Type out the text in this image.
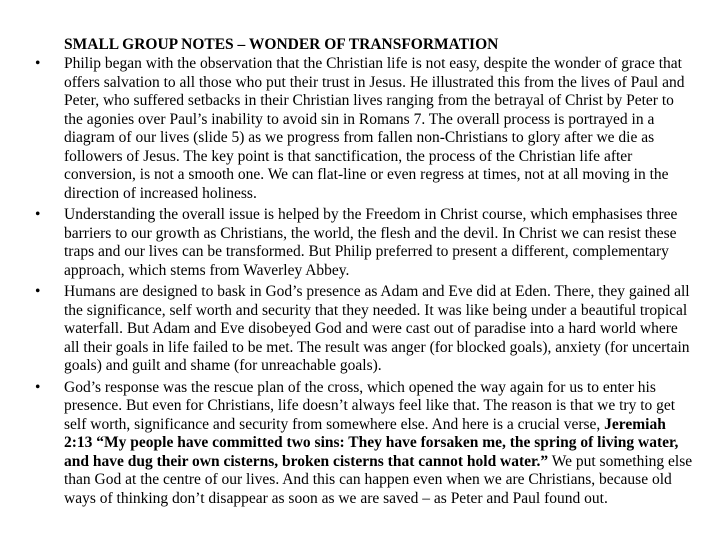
SMALL GROUP NOTES – WONDER OF TRANSFORMATION
• Philip began with the observation that the Christian life is not easy, despite the wonder of grace that offers salvation to all those who put their trust in Jesus. He illustrated this from the lives of Paul and Peter, who suffered setbacks in their Christian lives ranging from the betrayal of Christ by Peter to the agonies over Paul’s inability to avoid sin in Romans 7. The overall process is portrayed in a diagram of our lives (slide 5) as we progress from fallen non-Christians to glory after we die as followers of Jesus. The key point is that sanctification, the process of the Christian life after conversion, is not a smooth one. We can flat-line or even regress at times, not at all moving in the direction of increased holiness.
• Understanding the overall issue is helped by the Freedom in Christ course, which emphasises three barriers to our growth as Christians, the world, the flesh and the devil. In Christ we can resist these traps and our lives can be transformed. But Philip preferred to present a different, complementary approach, which stems from Waverley Abbey.
• Humans are designed to bask in God’s presence as Adam and Eve did at Eden. There, they gained all the significance, self worth and security that they needed. It was like being under a beautiful tropical waterfall. But Adam and Eve disobeyed God and were cast out of paradise into a hard world where all their goals in life failed to be met. The result was anger (for blocked goals), anxiety (for uncertain goals) and guilt and shame (for unreachable goals).
• God’s response was the rescue plan of the cross, which opened the way again for us to enter his presence. But even for Christians, life doesn’t always feel like that. The reason is that we try to get self worth, significance and security from somewhere else. And here is a crucial verse, Jeremiah 2:13 “My people have committed two sins: They have forsaken me, the spring of living water, and have dug their own cisterns, broken cisterns that cannot hold water.” We put something else than God at the centre of our lives. And this can happen even when we are Christians, because old ways of thinking don’t disappear as soon as we are saved – as Peter and Paul found out.
